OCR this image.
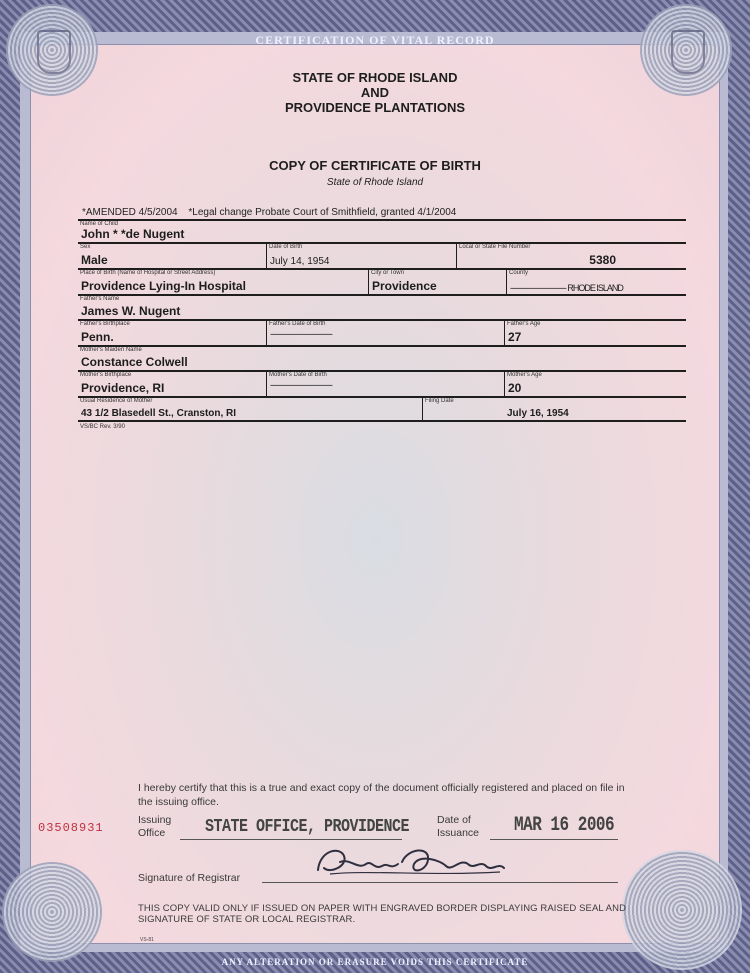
CERTIFICATION OF VITAL RECORD
ANY ALTERATION OR ERASURE VOIDS THIS CERTIFICATE
STATE OF RHODE ISLAND
AND
PROVIDENCE PLANTATIONS
COPY OF CERTIFICATE OF BIRTH
State of Rhode Island
*AMENDED 4/5/2004 *Legal change Probate Court of Smithfield, granted 4/1/2004
Name of Child
John * *de Nugent
Sex
Male
Date of Birth
July 14, 1954
Local or State File Number
5380
Place of Birth (Name of Hospital or Street Address)
Providence Lying-In Hospital
City or Town
Providence
County
---------------------------- RHODE ISLAND
Father's Name
James W. Nugent
Father's Birthplace
Penn.
Father's Date of Birth
-------------------------------
Father's Age
27
Mother's Maiden Name
Constance Colwell
Mother's Birthplace
Providence, RI
Mother's Date of Birth
-------------------------------
Mother's Age
20
Usual Residence of Mother
43 1/2 Blasedell St., Cranston, RI
Filing Date
July 16, 1954
VS/BC Rev. 3/90
I hereby certify that this is a true and exact copy of the document officially registered and placed on file in the issuing office.
03508931
Issuing
Office	STATE OFFICE, PROVIDENCE	Date of
Issuance MAR 16 2006
Signature of Registrar
THIS COPY VALID ONLY IF ISSUED ON PAPER WITH ENGRAVED BORDER DISPLAYING RAISED SEAL AND SIGNATURE OF STATE OR LOCAL REGISTRAR.
VS-81
